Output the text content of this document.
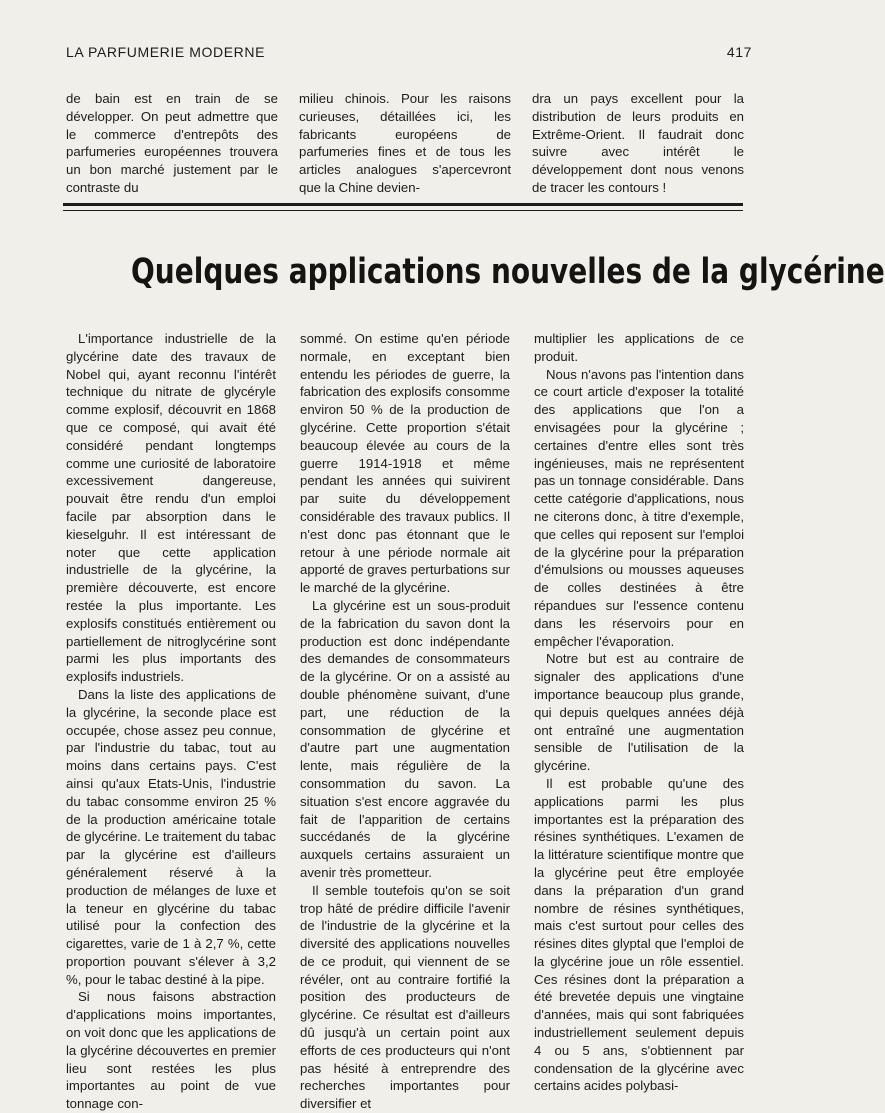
LA PARFUMERIE MODERNE	417

de bain est en train de se développer. On peut admettre que le commerce d'entrepôts des parfumeries européennes trouvera un bon marché justement par le contraste du

milieu chinois. Pour les raisons curieuses, détaillées ici, les fabricants européens de parfumeries fines et de tous les articles analogues s'apercevront que la Chine devien-

dra un pays excellent pour la distribution de leurs produits en Extrême-Orient. Il faudrait donc suivre avec intérêt le développement dont nous venons de tracer les contours !

Quelques applications nouvelles de la glycérine

L'importance industrielle de la glycérine date des travaux de Nobel qui, ayant reconnu l'intérêt technique du nitrate de glycéryle comme explosif, découvrit en 1868 que ce composé, qui avait été considéré pendant longtemps comme une curiosité de laboratoire excessivement dangereuse, pouvait être rendu d'un emploi facile par absorption dans le kieselguhr. Il est intéressant de noter que cette application industrielle de la glycérine, la première découverte, est encore restée la plus importante. Les explosifs constitués entièrement ou partiellement de nitroglycérine sont parmi les plus importants des explosifs industriels.

Dans la liste des applications de la glycérine, la seconde place est occupée, chose assez peu connue, par l'industrie du tabac, tout au moins dans certains pays. C'est ainsi qu'aux Etats-Unis, l'industrie du tabac consomme environ 25 % de la production américaine totale de glycérine. Le traitement du tabac par la glycérine est d'ailleurs généralement réservé à la production de mélanges de luxe et la teneur en glycérine du tabac utilisé pour la confection des cigarettes, varie de 1 à 2,7 %, cette proportion pouvant s'élever à 3,2 %, pour le tabac destiné à la pipe.

Si nous faisons abstraction d'applications moins importantes, on voit donc que les applications de la glycérine découvertes en premier lieu sont restées les plus importantes au point de vue tonnage con-

sommé. On estime qu'en période normale, en exceptant bien entendu les périodes de guerre, la fabrication des explosifs consomme environ 50 % de la production de glycérine. Cette proportion s'était beaucoup élevée au cours de la guerre 1914-1918 et même pendant les années qui suivirent par suite du développement considérable des travaux publics. Il n'est donc pas étonnant que le retour à une période normale ait apporté de graves perturbations sur le marché de la glycérine.

La glycérine est un sous-produit de la fabrication du savon dont la production est donc indépendante des demandes de consommateurs de la glycérine. Or on a assisté au double phénomène suivant, d'une part, une réduction de la consommation de glycérine et d'autre part une augmentation lente, mais régulière de la consommation du savon. La situation s'est encore aggravée du fait de l'apparition de certains succédanés de la glycérine auxquels certains assuraient un avenir très prometteur.

Il semble toutefois qu'on se soit trop hâté de prédire difficile l'avenir de l'industrie de la glycérine et la diversité des applications nouvelles de ce produit, qui viennent de se révéler, ont au contraire fortifié la position des producteurs de glycérine. Ce résultat est d'ailleurs dû jusqu'à un certain point aux efforts de ces producteurs qui n'ont pas hésité à entreprendre des recherches importantes pour diversifier et

multiplier les applications de ce produit.

Nous n'avons pas l'intention dans ce court article d'exposer la totalité des applications que l'on a envisagées pour la glycérine ; certaines d'entre elles sont très ingénieuses, mais ne représentent pas un tonnage considérable. Dans cette catégorie d'applications, nous ne citerons donc, à titre d'exemple, que celles qui reposent sur l'emploi de la glycérine pour la préparation d'émulsions ou mousses aqueuses de colles destinées à être répandues sur l'essence contenu dans les réservoirs pour en empêcher l'évaporation.

Notre but est au contraire de signaler des applications d'une importance beaucoup plus grande, qui depuis quelques années déjà ont entraîné une augmentation sensible de l'utilisation de la glycérine.

Il est probable qu'une des applications parmi les plus importantes est la préparation des résines synthétiques. L'examen de la littérature scientifique montre que la glycérine peut être employée dans la préparation d'un grand nombre de résines synthétiques, mais c'est surtout pour celles des résines dites glyptal que l'emploi de la glycérine joue un rôle essentiel. Ces résines dont la préparation a été brevetée depuis une vingtaine d'années, mais qui sont fabriquées industriellement seulement depuis 4 ou 5 ans, s'obtiennent par condensation de la glycérine avec certains acides polybasi-
